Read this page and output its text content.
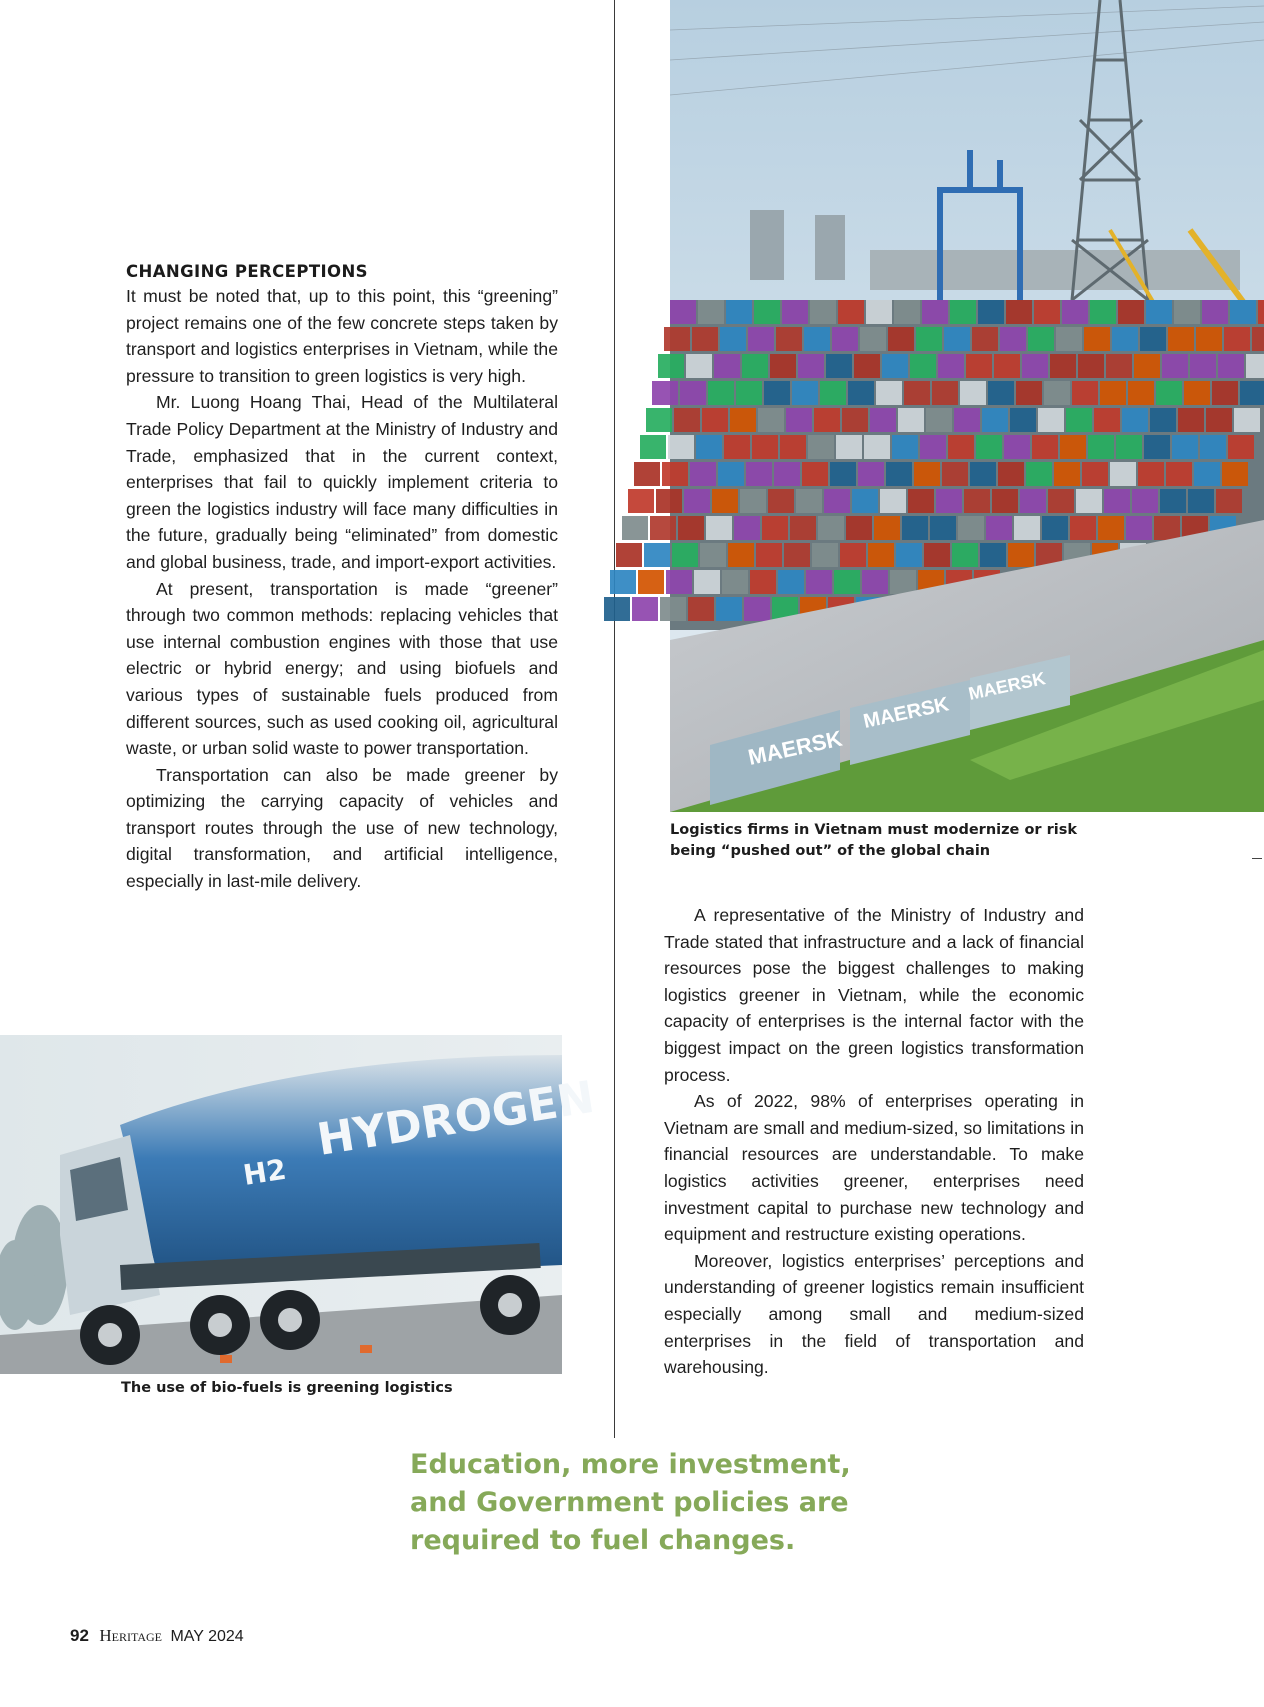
MAERSK
MAERSK
MAERSK
Logistics firms in Vietnam must modernize or risk being “pushed out” of the global chain
CHANGING PERCEPTIONS

It must be noted that, up to this point, this “greening” project remains one of the few concrete steps taken by transport and logistics enterprises in Vietnam, while the pressure to transition to green logistics is very high.

Mr. Luong Hoang Thai, Head of the Multilateral Trade Policy Department at the Ministry of Industry and Trade, emphasized that in the current context, enterprises that fail to quickly implement criteria to green the logistics industry will face many difficulties in the future, gradually being “eliminated” from domestic and global business, trade, and import-export activities.

At present, transportation is made “greener” through two common methods: replacing vehicles that use internal combustion engines with those that use electric or hybrid energy; and using biofuels and various types of sustainable fuels produced from different sources, such as used cooking oil, agricultural waste, or urban solid waste to power transportation.

Transportation can also be made greener by optimizing the carrying capacity of vehicles and transport routes through the use of new technology, digital transformation, and artificial intelligence, especially in last-mile delivery.

HYDROGEN
H2
The use of bio-fuels is greening logistics

A representative of the Ministry of Industry and Trade stated that infrastructure and a lack of financial resources pose the biggest challenges to making logistics greener in Vietnam, while the economic capacity of enterprises is the internal factor with the biggest impact on the green logistics transformation process.

As of 2022, 98% of enterprises operating in Vietnam are small and medium-sized, so limitations in financial resources are understandable. To make logistics activities greener, enterprises need investment capital to purchase new technology and equipment and restructure existing operations.

Moreover, logistics enterprises’ perceptions and understanding of greener logistics remain insufficient especially among small and medium-sized enterprises in the field of transportation and warehousing.

Education, more investment, and Government policies are required to fuel changes.

92 Heritage MAY 2024
